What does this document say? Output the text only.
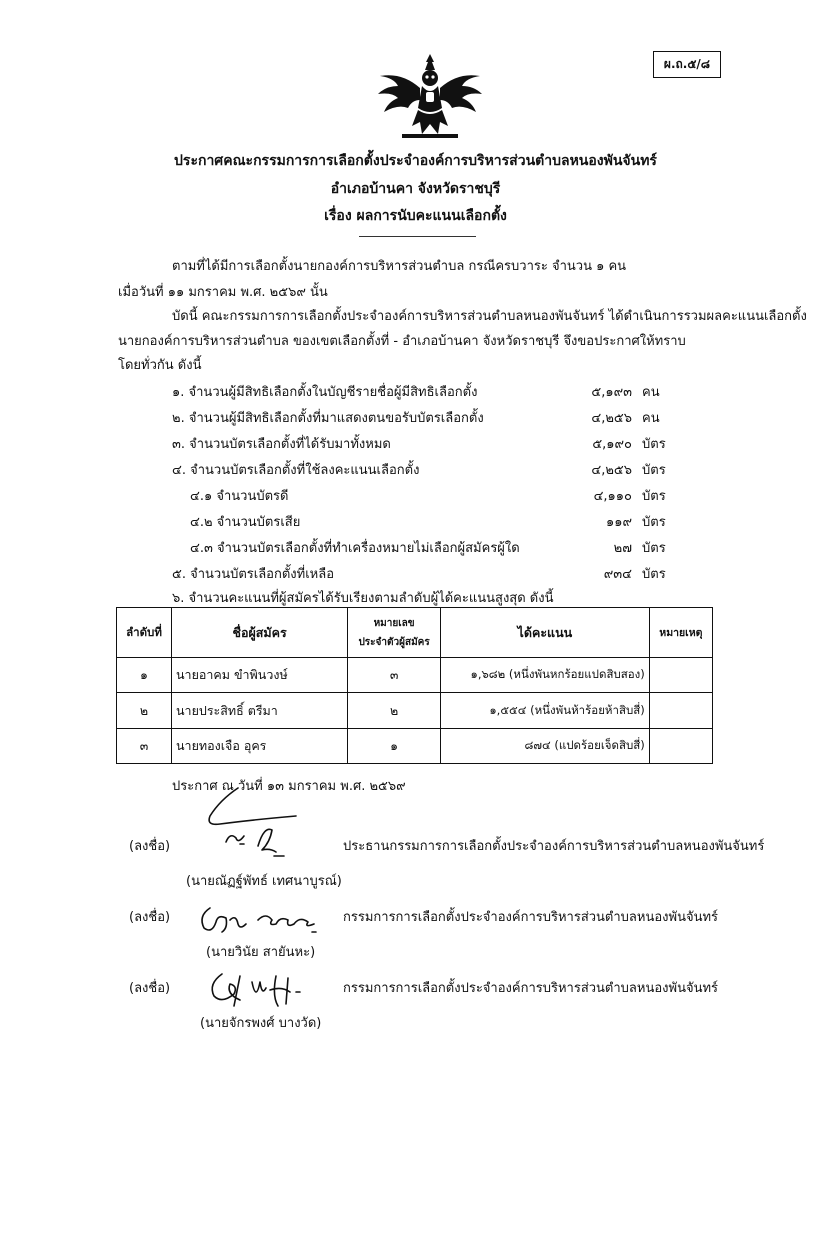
ผ.ถ.๕/๘
ประกาศคณะกรรมการการเลือกตั้งประจำองค์การบริหารส่วนตำบลหนองพันจันทร์
อำเภอบ้านคา จังหวัดราชบุรี
เรื่อง ผลการนับคะแนนเลือกตั้ง
ตามที่ได้มีการเลือกตั้งนายกองค์การบริหารส่วนตำบล กรณีครบวาระ จำนวน ๑ คน
เมื่อวันที่ ๑๑ มกราคม พ.ศ. ๒๕๖๙ นั้น
บัดนี้ คณะกรรมการการเลือกตั้งประจำองค์การบริหารส่วนตำบลหนองพันจันทร์ ได้ดำเนินการรวมผลคะแนนเลือกตั้ง
นายกองค์การบริหารส่วนตำบล ของเขตเลือกตั้งที่ - อำเภอบ้านคา จังหวัดราชบุรี จึงขอประกาศให้ทราบ
โดยทั่วกัน ดังนี้
๑. จำนวนผู้มีสิทธิเลือกตั้งในบัญชีรายชื่อผู้มีสิทธิเลือกตั้ง	๕,๑๙๓ คน
๒. จำนวนผู้มีสิทธิเลือกตั้งที่มาแสดงตนขอรับบัตรเลือกตั้ง	๔,๒๕๖ คน
๓. จำนวนบัตรเลือกตั้งที่ได้รับมาทั้งหมด	๕,๑๙๐ บัตร
๔. จำนวนบัตรเลือกตั้งที่ใช้ลงคะแนนเลือกตั้ง	๔,๒๕๖ บัตร
๔.๑ จำนวนบัตรดี	๔,๑๑๐ บัตร
๔.๒ จำนวนบัตรเสีย	๑๑๙ บัตร
๔.๓ จำนวนบัตรเลือกตั้งที่ทำเครื่องหมายไม่เลือกผู้สมัครผู้ใด	๒๗ บัตร
๕. จำนวนบัตรเลือกตั้งที่เหลือ	๙๓๔ บัตร
๖. จำนวนคะแนนที่ผู้สมัครได้รับเรียงตามลำดับผู้ได้คะแนนสูงสุด ดังนี้
ลำดับที่	ชื่อผู้สมัคร	หมายเลข
ประจำตัวผู้สมัคร	ได้คะแนน	หมายเหตุ
๑	นายอาคม ขำพินวงษ์	๓	๑,๖๘๒ (หนึ่งพันหกร้อยแปดสิบสอง)	
๒	นายประสิทธิ์ ตรีมา	๒	๑,๕๕๔ (หนึ่งพันห้าร้อยห้าสิบสี่)	
๓	นายทองเจือ อุคร	๑	๘๗๔ (แปดร้อยเจ็ดสิบสี่)	
ประกาศ ณ วันที่ ๑๓ มกราคม พ.ศ. ๒๕๖๙
(ลงชื่อ)	ประธานกรรมการการเลือกตั้งประจำองค์การบริหารส่วนตำบลหนองพันจันทร์
(นายณัฏฐ์พัทธ์ เทศนาบูรณ์)
(ลงชื่อ)	กรรมการการเลือกตั้งประจำองค์การบริหารส่วนตำบลหนองพันจันทร์
(นายวินัย สายันหะ)
(ลงชื่อ)	กรรมการการเลือกตั้งประจำองค์การบริหารส่วนตำบลหนองพันจันทร์
(นายจักรพงศ์ บางวัด)
